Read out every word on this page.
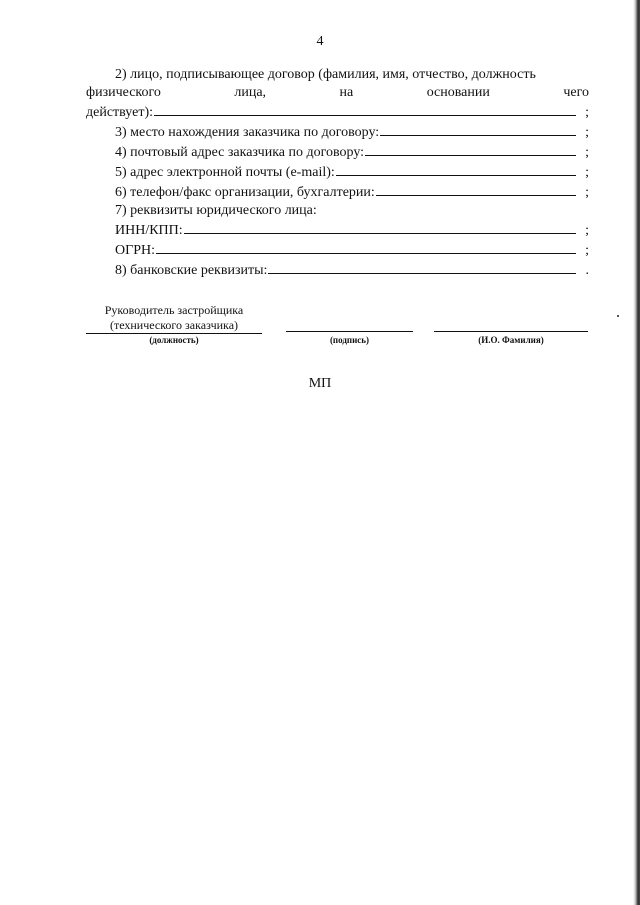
4
2) лицо, подписывающее договор (фамилия, имя, отчество, должность
физического	лица,	на	основании	чего
действует):	;
3) место нахождения заказчика по договору:	;
4) почтовый адрес заказчика по договору:	;
5) адрес электронной почты (e-mail):	;
6) телефон/факс организации, бухгалтерии:	;
7) реквизиты юридического лица:
ИНН/КПП:	;
ОГРН:	;
8) банковские реквизиты:	.
Руководитель застройщика
(технического заказчика)
(должность)	(подпись)	(И.О. Фамилия)
МП
